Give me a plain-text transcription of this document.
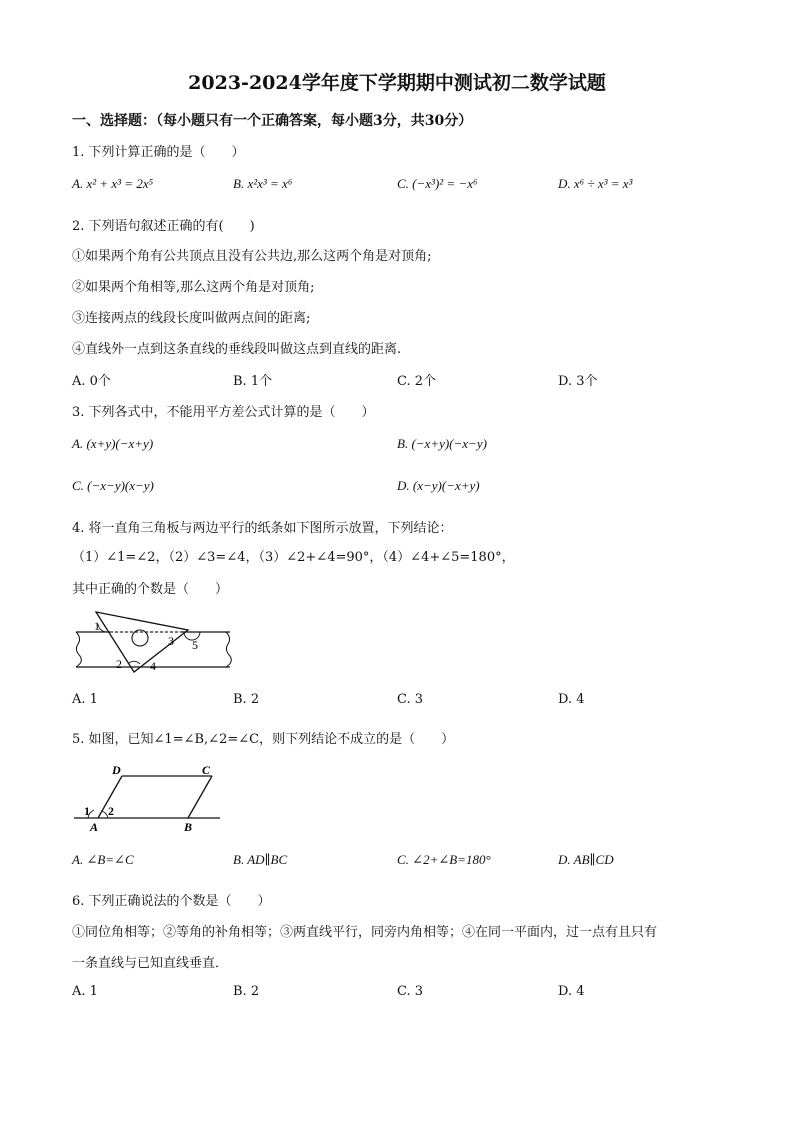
2023-2024学年度下学期期中测试初二数学试题
一、选择题：（每小题只有一个正确答案，每小题3分，共30分）
1. 下列计算正确的是（　　）
A. x² + x³ = 2x⁵	B. x²x³ = x⁶	C. (−x³)² = −x⁶	D. x⁶ ÷ x³ = x³
2. 下列语句叙述正确的有(　　)
①如果两个角有公共顶点且没有公共边,那么这两个角是对顶角;
②如果两个角相等,那么这两个角是对顶角;
③连接两点的线段长度叫做两点间的距离;
④直线外一点到这条直线的垂线段叫做这点到直线的距离.
A. 0个	B. 1个	C. 2个	D. 3个
3. 下列各式中，不能用平方差公式计算的是（　　）
A. (x+y)(−x+y)	B. (−x+y)(−x−y)
C. (−x−y)(x−y)	D. (x−y)(−x+y)
4. 将一直角三角板与两边平行的纸条如下图所示放置，下列结论：
（1）∠1=∠2，（2）∠3=∠4，（3）∠2+∠4=90°，（4）∠4+∠5=180°，
其中正确的个数是（　　）
1
2
3
4
5
A. 1	B. 2	C. 3	D. 4
5. 如图，已知∠1=∠B,∠2=∠C，则下列结论不成立的是（　　）
D	C
1 2
A	B
A. ∠B=∠C	B. AD∥BC	C. ∠2+∠B=180°	D. AB∥CD
6. 下列正确说法的个数是（　　）
①同位角相等；②等角的补角相等；③两直线平行，同旁内角相等；④在同一平面内，过一点有且只有
一条直线与已知直线垂直．
A. 1	B. 2	C. 3	D. 4
